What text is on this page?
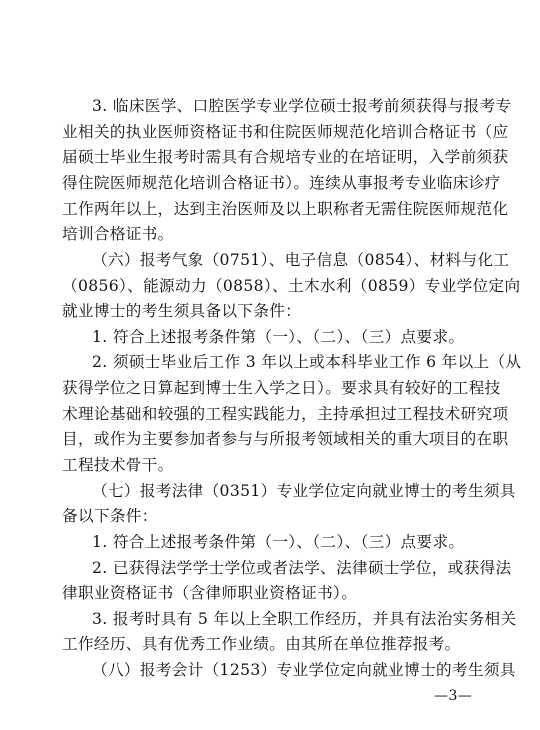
3. 临床医学、口腔医学专业学位硕士报考前须获得与报考专
业相关的执业医师资格证书和住院医师规范化培训合格证书（应
届硕士毕业生报考时需具有合规培专业的在培证明，入学前须获
得住院医师规范化培训合格证书）。连续从事报考专业临床诊疗
工作两年以上，达到主治医师及以上职称者无需住院医师规范化
培训合格证书。
（六）报考气象（0751）、电子信息（0854）、材料与化工
（0856）、能源动力（0858）、土木水利（0859）专业学位定向
就业博士的考生须具备以下条件：
1. 符合上述报考条件第（一）、（二）、（三）点要求。
2. 须硕士毕业后工作 3 年以上或本科毕业工作 6 年以上（从
获得学位之日算起到博士生入学之日）。要求具有较好的工程技
术理论基础和较强的工程实践能力，主持承担过工程技术研究项
目，或作为主要参加者参与与所报考领域相关的重大项目的在职
工程技术骨干。
（七）报考法律（0351）专业学位定向就业博士的考生须具
备以下条件：
1. 符合上述报考条件第（一）、（二）、（三）点要求。
2. 已获得法学学士学位或者法学、法律硕士学位，或获得法
律职业资格证书（含律师职业资格证书）。
3. 报考时具有 5 年以上全职工作经历，并具有法治实务相关
工作经历、具有优秀工作业绩。由其所在单位推荐报考。
（八）报考会计（1253）专业学位定向就业博士的考生须具
—3—
